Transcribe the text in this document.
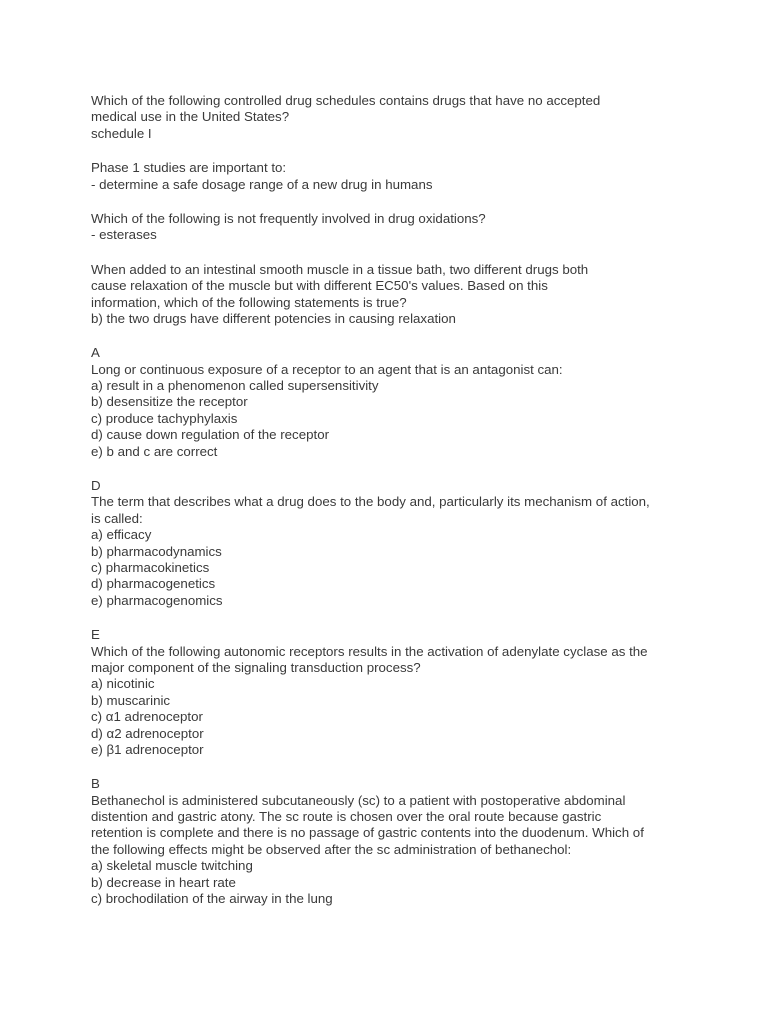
Which of the following controlled drug schedules contains drugs that have no accepted
medical use in the United States?
schedule I
Phase 1 studies are important to:
- determine a safe dosage range of a new drug in humans
Which of the following is not frequently involved in drug oxidations?
- esterases
When added to an intestinal smooth muscle in a tissue bath, two different drugs both
cause relaxation of the muscle but with different EC50's values. Based on this
information, which of the following statements is true?
b) the two drugs have different potencies in causing relaxation
A
Long or continuous exposure of a receptor to an agent that is an antagonist can:
a) result in a phenomenon called supersensitivity
b) desensitize the receptor
c) produce tachyphylaxis
d) cause down regulation of the receptor
e) b and c are correct
D
The term that describes what a drug does to the body and, particularly its mechanism of action,
is called:
a) efficacy
b) pharmacodynamics
c) pharmacokinetics
d) pharmacogenetics
e) pharmacogenomics
E
Which of the following autonomic receptors results in the activation of adenylate cyclase as the
major component of the signaling transduction process?
a) nicotinic
b) muscarinic
c) α1 adrenoceptor
d) α2 adrenoceptor
e) β1 adrenoceptor
B
Bethanechol is administered subcutaneously (sc) to a patient with postoperative abdominal
distention and gastric atony. The sc route is chosen over the oral route because gastric
retention is complete and there is no passage of gastric contents into the duodenum. Which of
the following effects might be observed after the sc administration of bethanechol:
a) skeletal muscle twitching
b) decrease in heart rate
c) brochodilation of the airway in the lung
